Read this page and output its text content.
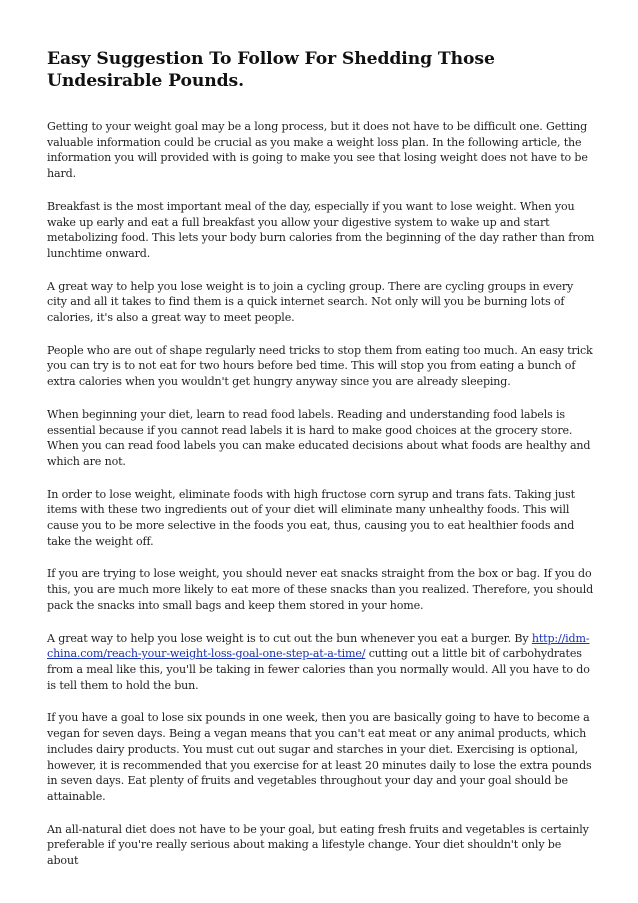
Easy Suggestion To Follow For Shedding Those Undesirable Pounds.

Getting to your weight goal may be a long process, but it does not have to be difficult one. Getting valuable information could be crucial as you make a weight loss plan. In the following article, the information you will provided with is going to make you see that losing weight does not have to be hard.

Breakfast is the most important meal of the day, especially if you want to lose weight. When you wake up early and eat a full breakfast you allow your digestive system to wake up and start metabolizing food. This lets your body burn calories from the beginning of the day rather than from lunchtime onward.

A great way to help you lose weight is to join a cycling group. There are cycling groups in every city and all it takes to find them is a quick internet search. Not only will you be burning lots of calories, it's also a great way to meet people.

People who are out of shape regularly need tricks to stop them from eating too much. An easy trick you can try is to not eat for two hours before bed time. This will stop you from eating a bunch of extra calories when you wouldn't get hungry anyway since you are already sleeping.

When beginning your diet, learn to read food labels. Reading and understanding food labels is essential because if you cannot read labels it is hard to make good choices at the grocery store. When you can read food labels you can make educated decisions about what foods are healthy and which are not.

In order to lose weight, eliminate foods with high fructose corn syrup and trans fats. Taking just items with these two ingredients out of your diet will eliminate many unhealthy foods. This will cause you to be more selective in the foods you eat, thus, causing you to eat healthier foods and take the weight off.

If you are trying to lose weight, you should never eat snacks straight from the box or bag. If you do this, you are much more likely to eat more of these snacks than you realized. Therefore, you should pack the snacks into small bags and keep them stored in your home.

A great way to help you lose weight is to cut out the bun whenever you eat a burger. By http://idm-china.com/reach-your-weight-loss-goal-one-step-at-a-time/ cutting out a little bit of carbohydrates from a meal like this, you'll be taking in fewer calories than you normally would. All you have to do is tell them to hold the bun.

If you have a goal to lose six pounds in one week, then you are basically going to have to become a vegan for seven days. Being a vegan means that you can't eat meat or any animal products, which includes dairy products. You must cut out sugar and starches in your diet. Exercising is optional, however, it is recommended that you exercise for at least 20 minutes daily to lose the extra pounds in seven days. Eat plenty of fruits and vegetables throughout your day and your goal should be attainable.

An all-natural diet does not have to be your goal, but eating fresh fruits and vegetables is certainly preferable if you're really serious about making a lifestyle change. Your diet shouldn't only be about
